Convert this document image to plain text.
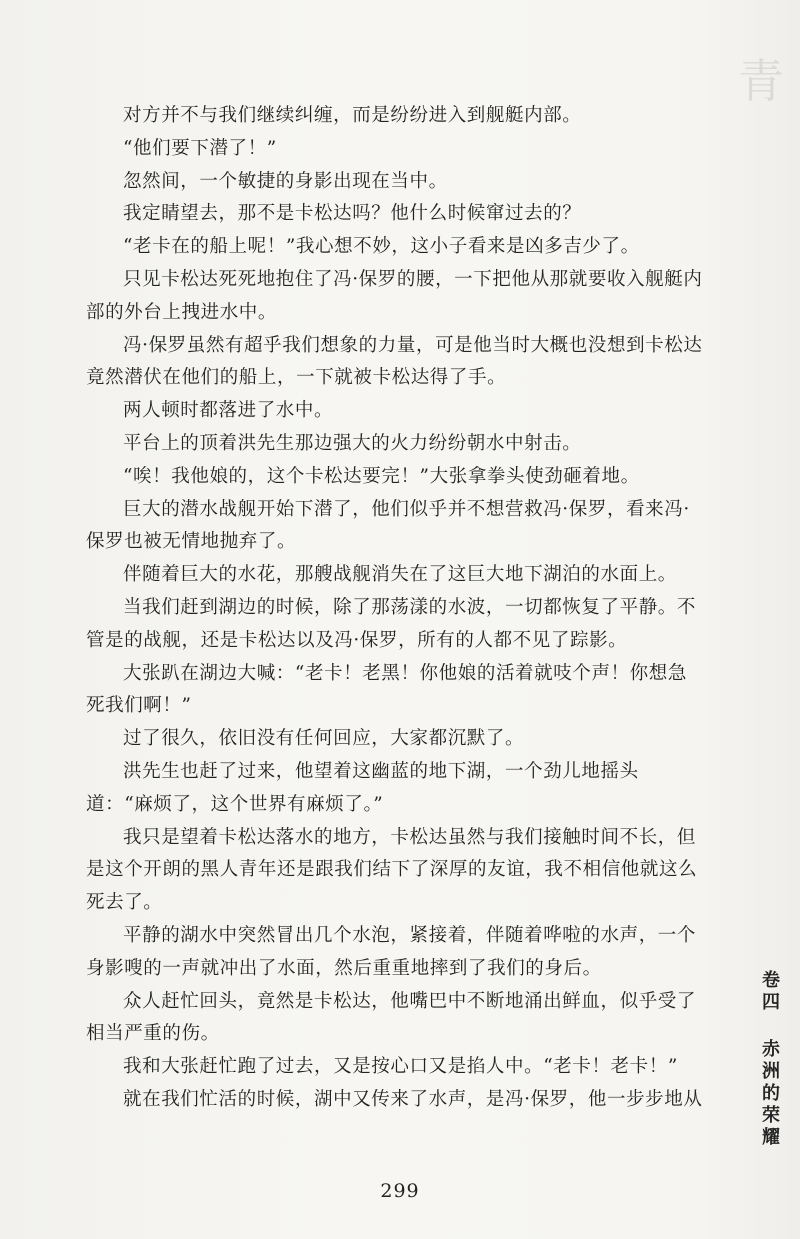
青

对方并不与我们继续纠缠，而是纷纷进入到舰艇内部。

“他们要下潜了！”

忽然间，一个敏捷的身影出现在当中。

我定睛望去，那不是卡松达吗？他什么时候窜过去的？

“老卡在的船上呢！”我心想不妙，这小子看来是凶多吉少了。

只见卡松达死死地抱住了冯·保罗的腰，一下把他从那就要收入舰艇内部的外台上拽进水中。

冯·保罗虽然有超乎我们想象的力量，可是他当时大概也没想到卡松达竟然潜伏在他们的船上，一下就被卡松达得了手。

两人顿时都落进了水中。

平台上的顶着洪先生那边强大的火力纷纷朝水中射击。

“唉！我他娘的，这个卡松达要完！”大张拿拳头使劲砸着地。

巨大的潜水战舰开始下潜了，他们似乎并不想营救冯·保罗，看来冯·保罗也被无情地抛弃了。

伴随着巨大的水花，那艘战舰消失在了这巨大地下湖泊的水面上。

当我们赶到湖边的时候，除了那荡漾的水波，一切都恢复了平静。不管是的战舰，还是卡松达以及冯·保罗，所有的人都不见了踪影。

大张趴在湖边大喊：“老卡！老黑！你他娘的活着就吱个声！你想急死我们啊！”

过了很久，依旧没有任何回应，大家都沉默了。

洪先生也赶了过来，他望着这幽蓝的地下湖，一个劲儿地摇头道：“麻烦了，这个世界有麻烦了。”

我只是望着卡松达落水的地方，卡松达虽然与我们接触时间不长，但是这个开朗的黑人青年还是跟我们结下了深厚的友谊，我不相信他就这么死去了。

平静的湖水中突然冒出几个水泡，紧接着，伴随着哗啦的水声，一个身影嗖的一声就冲出了水面，然后重重地摔到了我们的身后。

众人赶忙回头，竟然是卡松达，他嘴巴中不断地涌出鲜血，似乎受了相当严重的伤。

我和大张赶忙跑了过去，又是按心口又是掐人中。“老卡！老卡！”

就在我们忙活的时候，湖中又传来了水声，是冯·保罗，他一步步地从

299
卷四 赤洲的荣耀
